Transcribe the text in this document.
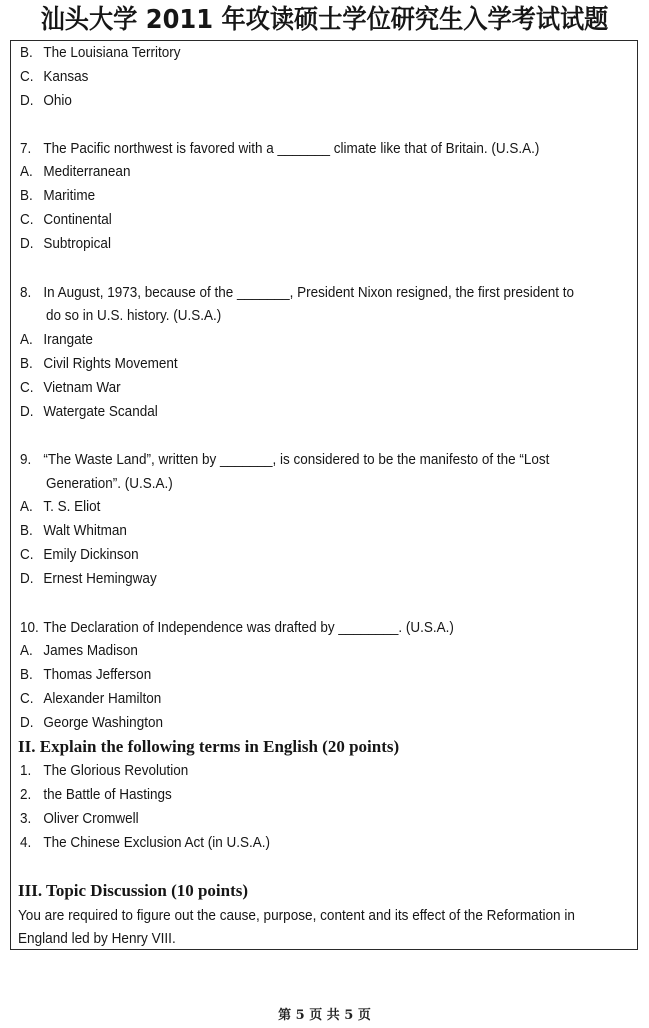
汕头大学 2011 年攻读硕士学位研究生入学考试试题
B. The Louisiana Territory
C. Kansas
D. Ohio
7. The Pacific northwest is favored with a _______ climate like that of Britain. (U.S.A.)
A. Mediterranean
B. Maritime
C. Continental
D. Subtropical
8. In August, 1973, because of the _______, President Nixon resigned, the first president to
do so in U.S. history. (U.S.A.)
A. Irangate
B. Civil Rights Movement
C. Vietnam War
D. Watergate Scandal
9. “The Waste Land”, written by _______, is considered to be the manifesto of the “Lost
Generation”. (U.S.A.)
A. T. S. Eliot
B. Walt Whitman
C. Emily Dickinson
D. Ernest Hemingway
10. The Declaration of Independence was drafted by ________. (U.S.A.)
A. James Madison
B. Thomas Jefferson
C. Alexander Hamilton
D. George Washington
II. Explain the following terms in English (20 points)
1. The Glorious Revolution
2. the Battle of Hastings
3. Oliver Cromwell
4. The Chinese Exclusion Act (in U.S.A.)
III. Topic Discussion (10 points)
You are required to figure out the cause, purpose, content and its effect of the Reformation in
England led by Henry VIII.
第 5 页 共 5 页
